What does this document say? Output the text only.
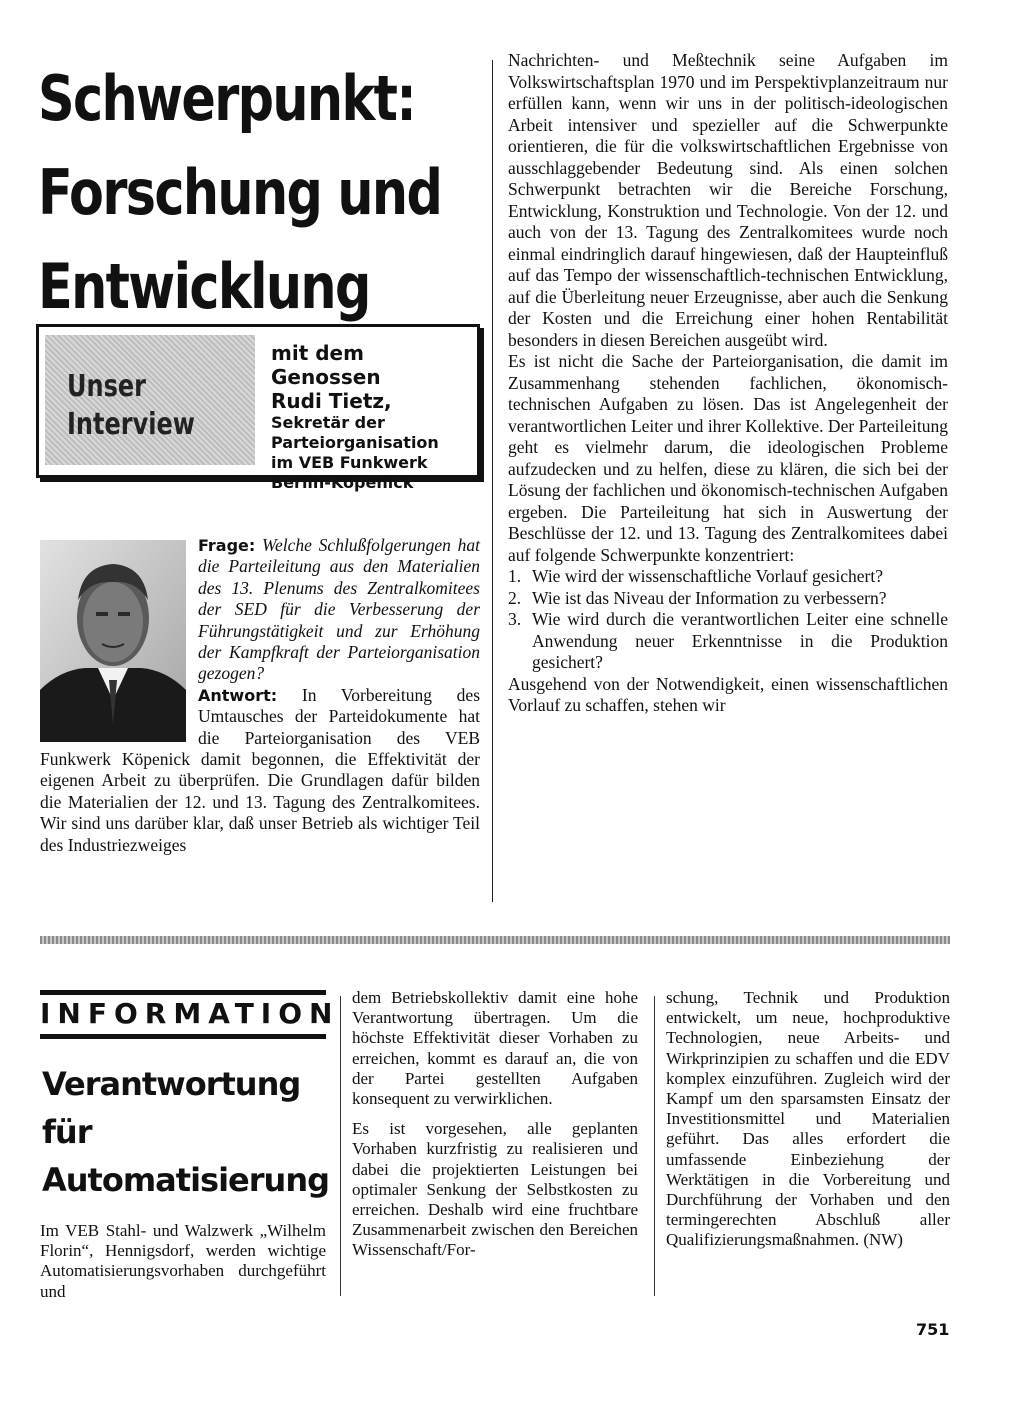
Schwerpunkt:
Forschung und
Entwicklung
Unser
Interview
mit dem Genossen
Rudi Tietz,
Sekretär der
Parteiorganisation
im VEB Funkwerk
Berlin-Köpenick
Frage: Welche Schlußfolgerungen hat die Parteileitung aus den Materialien des 13. Plenums des Zentralkomitees der SED für die Verbesserung der Führungstätigkeit und zur Erhöhung der Kampfkraft der Parteiorganisation gezogen?
Antwort: In Vorbereitung des Umtausches der Parteidokumente hat die Parteiorganisation des VEB Funkwerk Köpenick damit begonnen, die Effektivität der eigenen Arbeit zu überprüfen. Die Grundlagen dafür bilden die Materialien der 12. und 13. Tagung des Zentralkomitees. Wir sind uns darüber klar, daß unser Betrieb als wichtiger Teil des Industriezweiges

Nachrichten- und Meßtechnik seine Aufgaben im Volkswirtschaftsplan 1970 und im Perspektivplanzeitraum nur erfüllen kann, wenn wir uns in der politisch-ideologischen Arbeit intensiver und spezieller auf die Schwerpunkte orientieren, die für die volkswirtschaftlichen Ergebnisse von ausschlaggebender Bedeutung sind. Als einen solchen Schwerpunkt betrachten wir die Bereiche Forschung, Entwicklung, Konstruktion und Technologie. Von der 12. und auch von der 13. Tagung des Zentralkomitees wurde noch einmal eindringlich darauf hingewiesen, daß der Haupteinfluß auf das Tempo der wissenschaftlich-technischen Entwicklung, auf die Überleitung neuer Erzeugnisse, aber auch die Senkung der Kosten und die Erreichung einer hohen Rentabilität besonders in diesen Bereichen ausgeübt wird.

Es ist nicht die Sache der Parteiorganisation, die damit im Zusammenhang stehenden fachlichen, ökonomisch-technischen Aufgaben zu lösen. Das ist Angelegenheit der verantwortlichen Leiter und ihrer Kollektive. Der Parteileitung geht es vielmehr darum, die ideologischen Probleme aufzudecken und zu helfen, diese zu klären, die sich bei der Lösung der fachlichen und ökonomisch-technischen Aufgaben ergeben. Die Parteileitung hat sich in Auswertung der Beschlüsse der 12. und 13. Tagung des Zentralkomitees dabei auf folgende Schwerpunkte konzentriert:

1. Wie wird der wissenschaftliche Vorlauf gesichert?
2. Wie ist das Niveau der Information zu verbessern?
3. Wie wird durch die verantwortlichen Leiter eine schnelle Anwendung neuer Erkenntnisse in die Produktion gesichert?

Ausgehend von der Notwendigkeit, einen wissenschaftlichen Vorlauf zu schaffen, stehen wir

INFORMATION
Verantwortung
für
Automatisierung

Im VEB Stahl- und Walzwerk „Wilhelm Florin“, Hennigsdorf, werden wichtige Automatisierungsvorhaben durchgeführt und

dem Betriebskollektiv damit eine hohe Verantwortung übertragen. Um die höchste Effektivität dieser Vorhaben zu erreichen, kommt es darauf an, die von der Partei gestellten Aufgaben konsequent zu verwirklichen.

Es ist vorgesehen, alle geplanten Vorhaben kurzfristig zu realisieren und dabei die projektierten Leistungen bei optimaler Senkung der Selbstkosten zu erreichen. Deshalb wird eine fruchtbare Zusammenarbeit zwischen den Bereichen Wissenschaft/For-

schung, Technik und Produktion entwickelt, um neue, hochproduktive Technologien, neue Arbeits- und Wirkprinzipien zu schaffen und die EDV komplex einzuführen. Zugleich wird der Kampf um den sparsamsten Einsatz der Investitionsmittel und Materialien geführt. Das alles erfordert die umfassende Einbeziehung der Werktätigen in die Vorbereitung und Durchführung der Vorhaben und den termingerechten Abschluß aller Qualifizierungsmaßnahmen. (NW)

751
